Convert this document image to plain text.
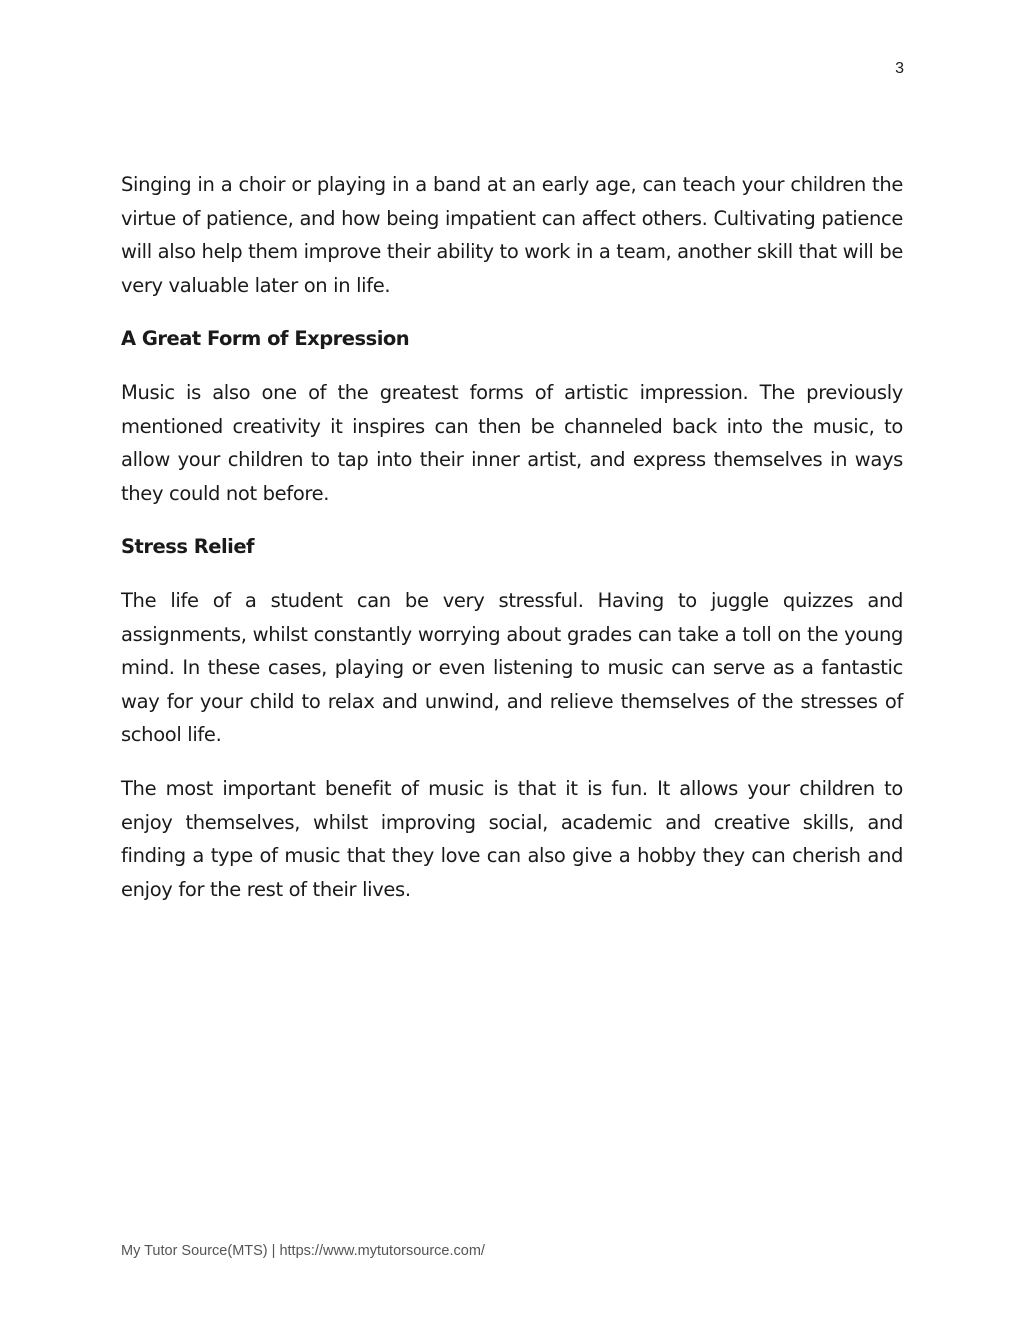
3

Singing in a choir or playing in a band at an early age, can teach your children the virtue of patience, and how being impatient can affect others. Cultivating patience will also help them improve their ability to work in a team, another skill that will be very valuable later on in life.

A Great Form of Expression

Music is also one of the greatest forms of artistic impression. The previously mentioned creativity it inspires can then be channeled back into the music, to allow your children to tap into their inner artist, and express themselves in ways they could not before.

Stress Relief

The life of a student can be very stressful. Having to juggle quizzes and assignments, whilst constantly worrying about grades can take a toll on the young mind. In these cases, playing or even listening to music can serve as a fantastic way for your child to relax and unwind, and relieve themselves of the stresses of school life.

The most important benefit of music is that it is fun. It allows your children to enjoy themselves, whilst improving social, academic and creative skills, and finding a type of music that they love can also give a hobby they can cherish and enjoy for the rest of their lives.

My Tutor Source(MTS) | https://www.mytutorsource.com/
